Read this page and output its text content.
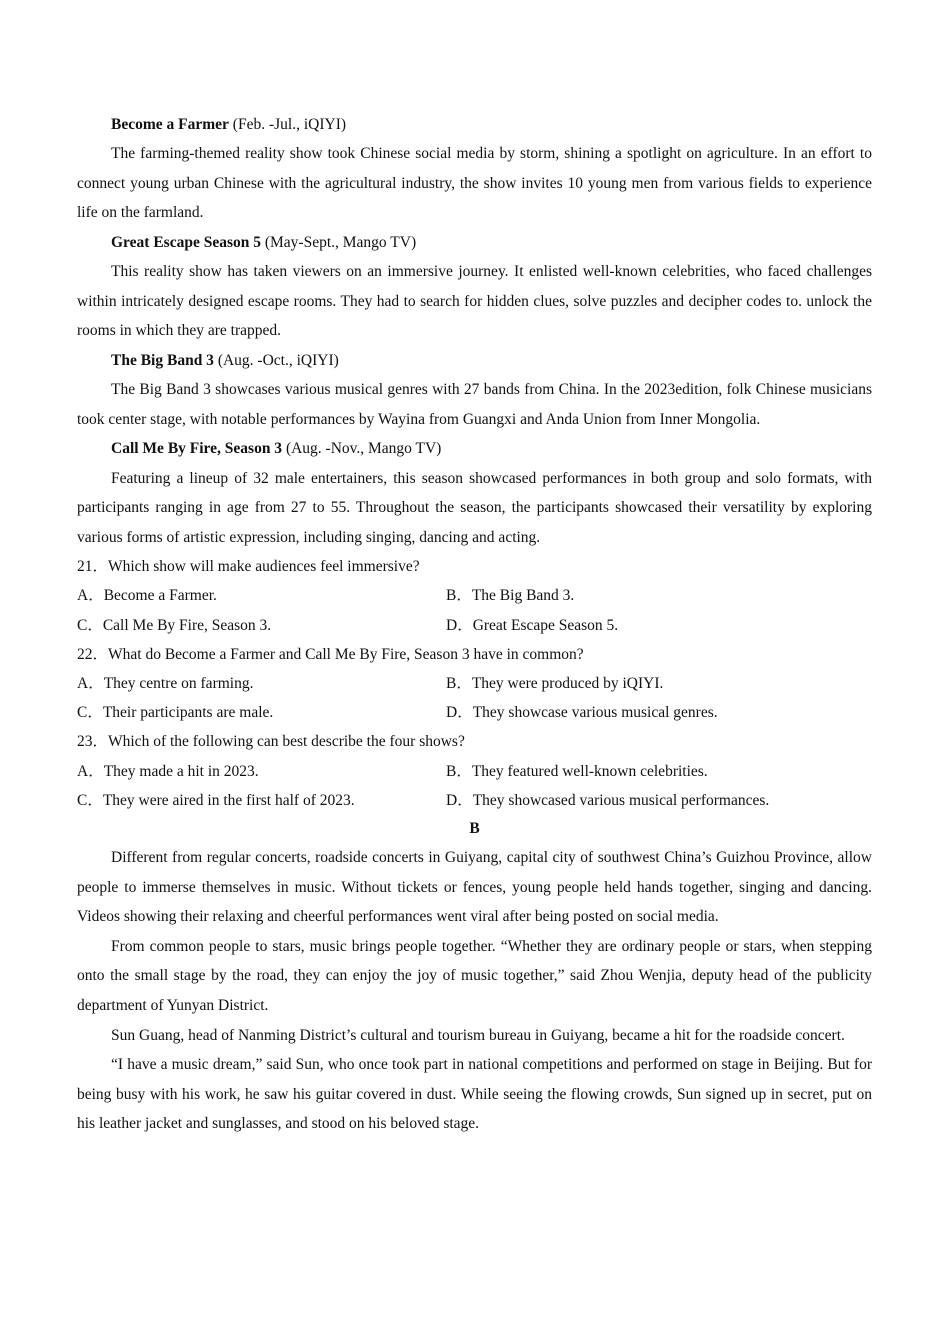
Become a Farmer (Feb. -Jul., iQIYI)

The farming-themed reality show took Chinese social media by storm, shining a spotlight on agriculture. In an effort to connect young urban Chinese with the agricultural industry, the show invites 10 young men from various fields to experience life on the farmland.

Great Escape Season 5 (May-Sept., Mango TV)

This reality show has taken viewers on an immersive journey. It enlisted well-known celebrities, who faced challenges within intricately designed escape rooms. They had to search for hidden clues, solve puzzles and decipher codes to. unlock the rooms in which they are trapped.

The Big Band 3 (Aug. -Oct., iQIYI)

The Big Band 3 showcases various musical genres with 27 bands from China. In the 2023edition, folk Chinese musicians took center stage, with notable performances by Wayina from Guangxi and Anda Union from Inner Mongolia.

Call Me By Fire, Season 3 (Aug. -Nov., Mango TV)

Featuring a lineup of 32 male entertainers, this season showcased performances in both group and solo formats, with participants ranging in age from 27 to 55. Throughout the season, the participants showcased their versatility by exploring various forms of artistic expression, including singing, dancing and acting.

21．Which show will make audiences feel immersive?
A．Become a Farmer.	B．The Big Band 3.
C．Call Me By Fire, Season 3.	D．Great Escape Season 5.
22．What do Become a Farmer and Call Me By Fire, Season 3 have in common?
A．They centre on farming.	B．They were produced by iQIYI.
C．Their participants are male.	D．They showcase various musical genres.
23．Which of the following can best describe the four shows?
A．They made a hit in 2023.	B．They featured well-known celebrities.
C．They were aired in the first half of 2023.	D．They showcased various musical performances.
B

Different from regular concerts, roadside concerts in Guiyang, capital city of southwest China’s Guizhou Province, allow people to immerse themselves in music. Without tickets or fences, young people held hands together, singing and dancing. Videos showing their relaxing and cheerful performances went viral after being posted on social media.

From common people to stars, music brings people together. “Whether they are ordinary people or stars, when stepping onto the small stage by the road, they can enjoy the joy of music together,” said Zhou Wenjia, deputy head of the publicity department of Yunyan District.

Sun Guang, head of Nanming District’s cultural and tourism bureau in Guiyang, became a hit for the roadside concert.

“I have a music dream,” said Sun, who once took part in national competitions and performed on stage in Beijing. But for being busy with his work, he saw his guitar covered in dust. While seeing the flowing crowds, Sun signed up in secret, put on his leather jacket and sunglasses, and stood on his beloved stage.
